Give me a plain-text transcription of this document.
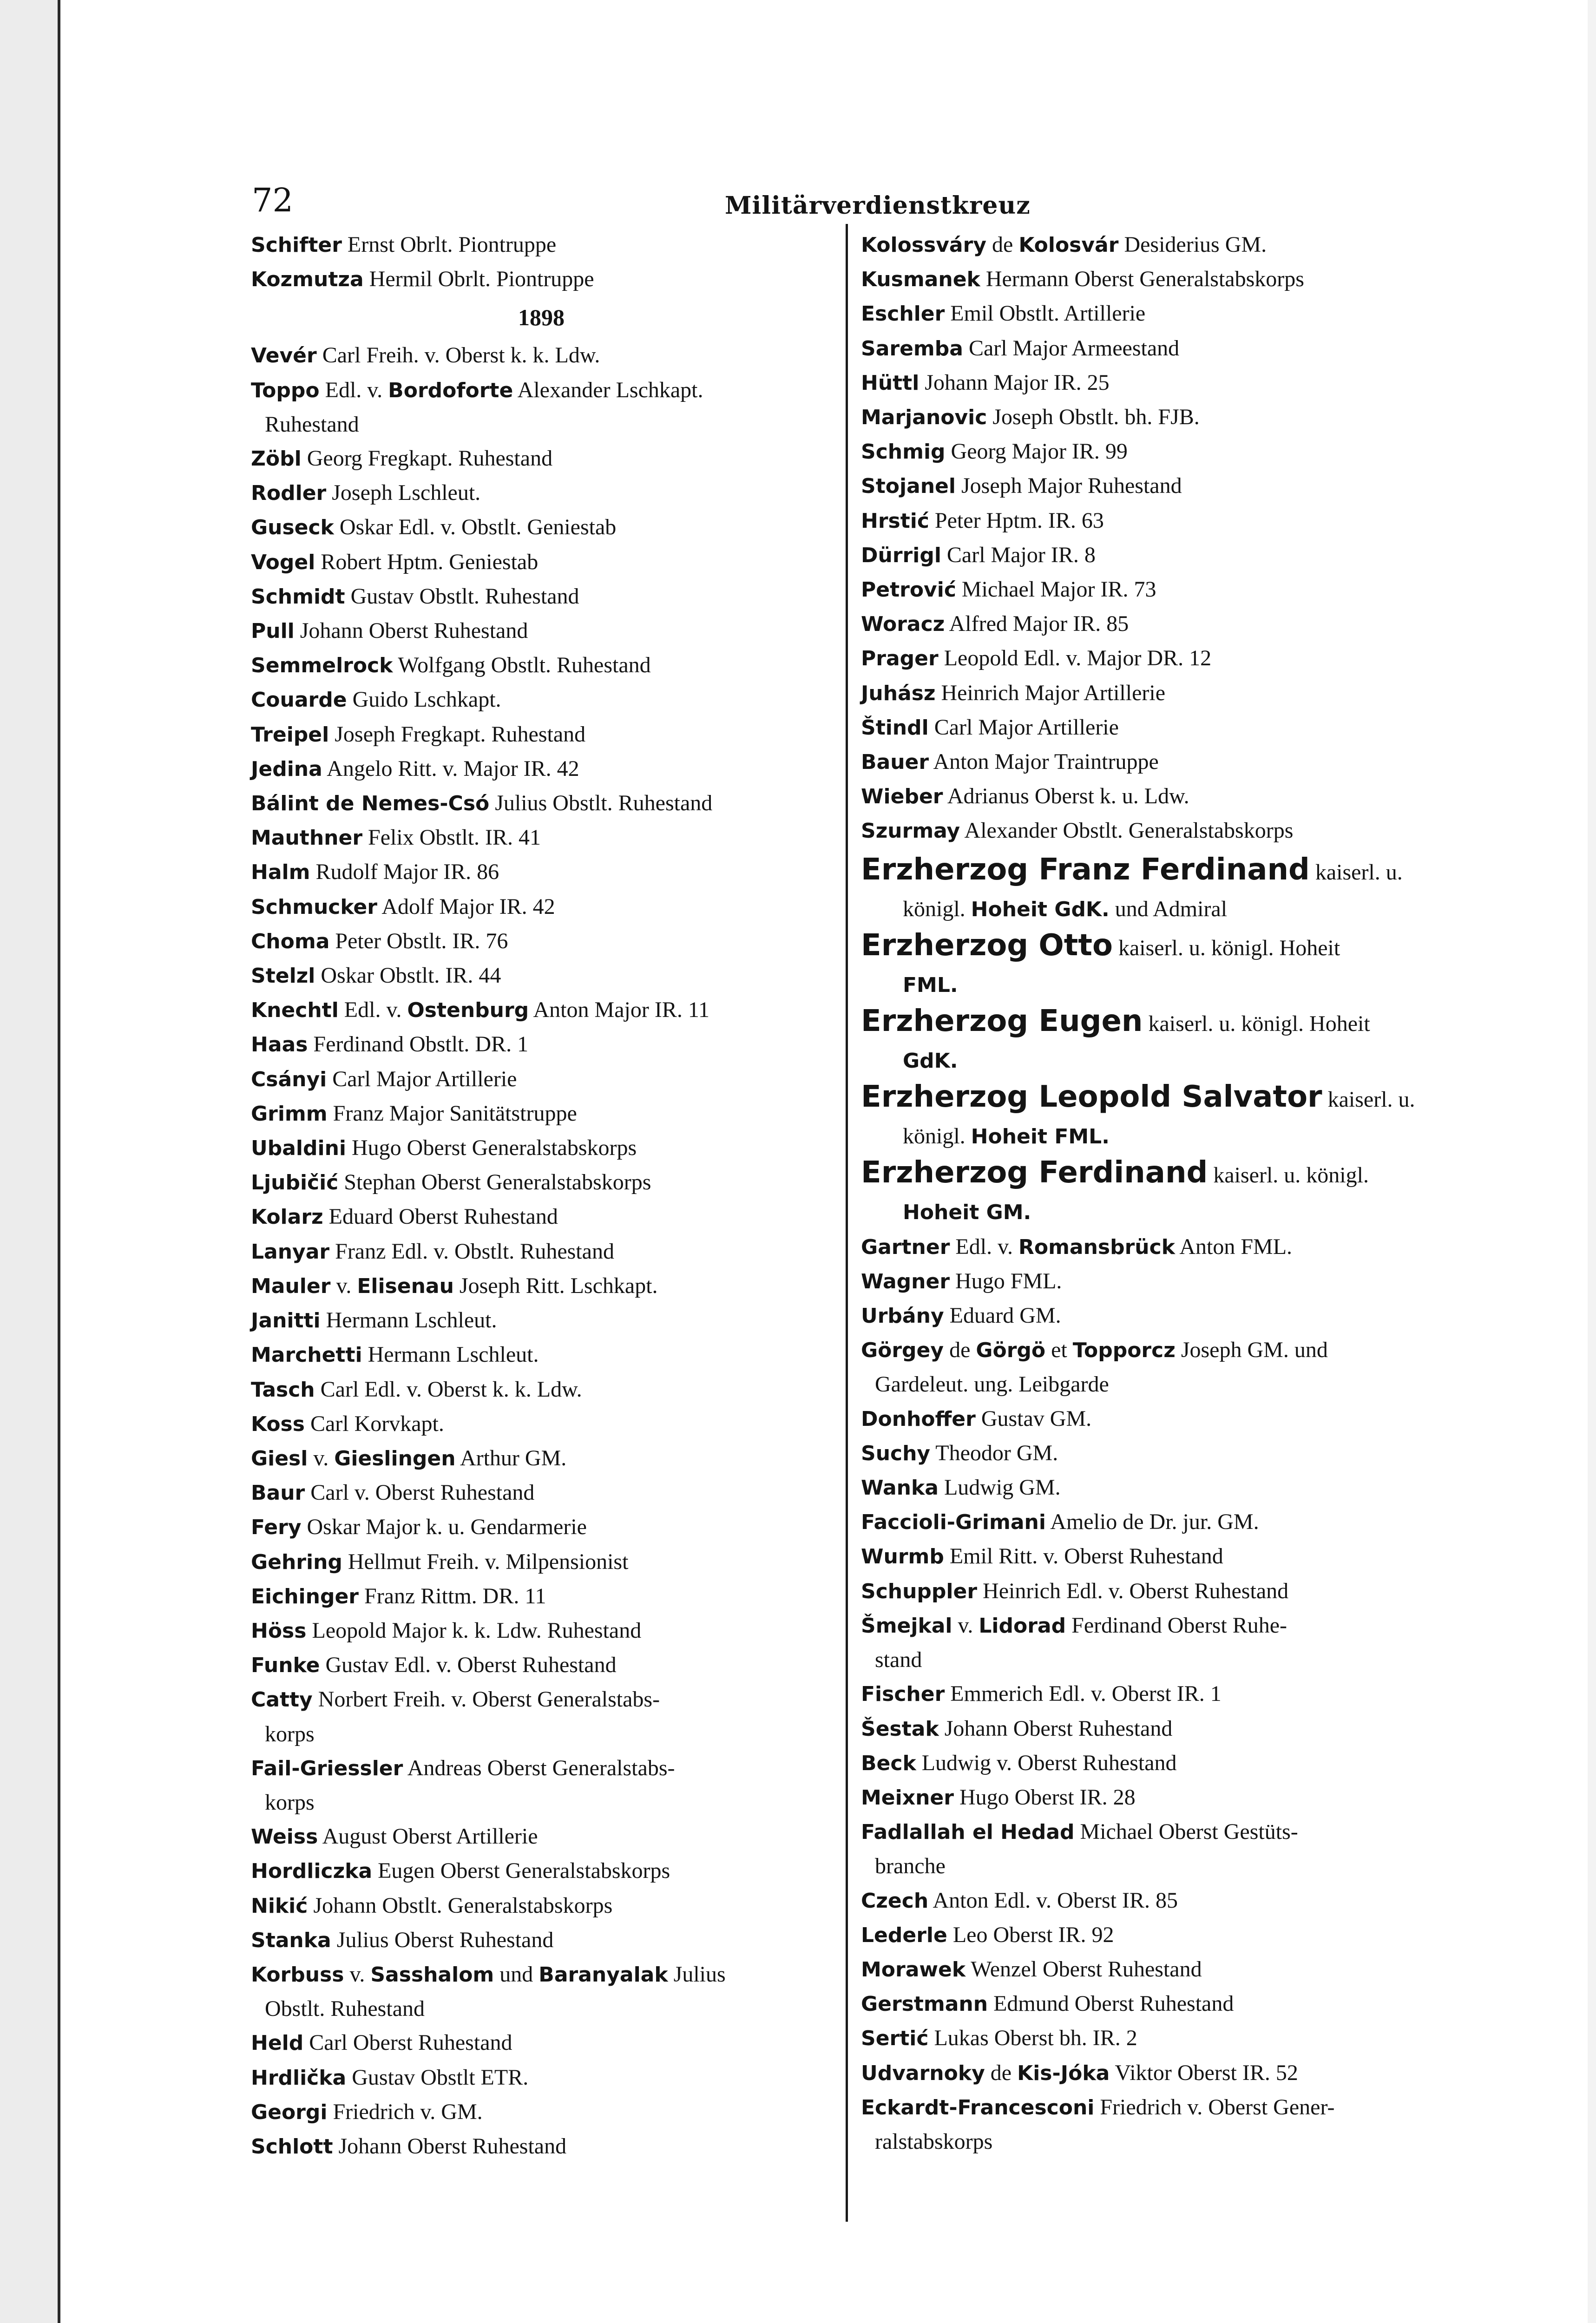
72	Militärverdienstkreuz
Schifter Ernst Obrlt. Piontruppe
Kozmutza Hermil Obrlt. Piontruppe
1898
Vevér Carl Freih. v. Oberst k. k. Ldw.
Toppo Edl. v. Bordoforte Alexander Lschkapt.
Ruhestand
Zöbl Georg Fregkapt. Ruhestand
Rodler Joseph Lschleut.
Guseck Oskar Edl. v. Obstlt. Geniestab
Vogel Robert Hptm. Geniestab
Schmidt Gustav Obstlt. Ruhestand
Pull Johann Oberst Ruhestand
Semmelrock Wolfgang Obstlt. Ruhestand
Couarde Guido Lschkapt.
Treipel Joseph Fregkapt. Ruhestand
Jedina Angelo Ritt. v. Major IR. 42
Bálint de Nemes-Csó Julius Obstlt. Ruhestand
Mauthner Felix Obstlt. IR. 41
Halm Rudolf Major IR. 86
Schmucker Adolf Major IR. 42
Choma Peter Obstlt. IR. 76
Stelzl Oskar Obstlt. IR. 44
Knechtl Edl. v. Ostenburg Anton Major IR. 11
Haas Ferdinand Obstlt. DR. 1
Csányi Carl Major Artillerie
Grimm Franz Major Sanitätstruppe
Ubaldini Hugo Oberst Generalstabskorps
Ljubičić Stephan Oberst Generalstabskorps
Kolarz Eduard Oberst Ruhestand
Lanyar Franz Edl. v. Obstlt. Ruhestand
Mauler v. Elisenau Joseph Ritt. Lschkapt.
Janitti Hermann Lschleut.
Marchetti Hermann Lschleut.
Tasch Carl Edl. v. Oberst k. k. Ldw.
Koss Carl Korvkapt.
Giesl v. Gieslingen Arthur GM.
Baur Carl v. Oberst Ruhestand
Fery Oskar Major k. u. Gendarmerie
Gehring Hellmut Freih. v. Milpensionist
Eichinger Franz Rittm. DR. 11
Höss Leopold Major k. k. Ldw. Ruhestand
Funke Gustav Edl. v. Oberst Ruhestand
Catty Norbert Freih. v. Oberst Generalstabs-
korps
Fail-Griessler Andreas Oberst Generalstabs-
korps
Weiss August Oberst Artillerie
Hordliczka Eugen Oberst Generalstabskorps
Nikić Johann Obstlt. Generalstabskorps
Stanka Julius Oberst Ruhestand
Korbuss v. Sasshalom und Baranyalak Julius
Obstlt. Ruhestand
Held Carl Oberst Ruhestand
Hrdlička Gustav Obstlt ETR.
Georgi Friedrich v. GM.
Schlott Johann Oberst Ruhestand
Kolossváry de Kolosvár Desiderius GM.
Kusmanek Hermann Oberst Generalstabskorps
Eschler Emil Obstlt. Artillerie
Saremba Carl Major Armeestand
Hüttl Johann Major IR. 25
Marjanovic Joseph Obstlt. bh. FJB.
Schmig Georg Major IR. 99
Stojanel Joseph Major Ruhestand
Hrstić Peter Hptm. IR. 63
Dürrigl Carl Major IR. 8
Petrović Michael Major IR. 73
Woracz Alfred Major IR. 85
Prager Leopold Edl. v. Major DR. 12
Juhász Heinrich Major Artillerie
Štindl Carl Major Artillerie
Bauer Anton Major Traintruppe
Wieber Adrianus Oberst k. u. Ldw.
Szurmay Alexander Obstlt. Generalstabskorps
Erzherzog Franz Ferdinand kaiserl. u.
königl. Hoheit GdK. und Admiral
Erzherzog Otto kaiserl. u. königl. Hoheit
FML.
Erzherzog Eugen kaiserl. u. königl. Hoheit
GdK.
Erzherzog Leopold Salvator kaiserl. u.
königl. Hoheit FML.
Erzherzog Ferdinand kaiserl. u. königl.
Hoheit GM.
Gartner Edl. v. Romansbrück Anton FML.
Wagner Hugo FML.
Urbány Eduard GM.
Görgey de Görgö et Topporcz Joseph GM. und
Gardeleut. ung. Leibgarde
Donhoffer Gustav GM.
Suchy Theodor GM.
Wanka Ludwig GM.
Faccioli-Grimani Amelio de Dr. jur. GM.
Wurmb Emil Ritt. v. Oberst Ruhestand
Schuppler Heinrich Edl. v. Oberst Ruhestand
Šmejkal v. Lidorad Ferdinand Oberst Ruhe-
stand
Fischer Emmerich Edl. v. Oberst IR. 1
Šestak Johann Oberst Ruhestand
Beck Ludwig v. Oberst Ruhestand
Meixner Hugo Oberst IR. 28
Fadlallah el Hedad Michael Oberst Gestüts-
branche
Czech Anton Edl. v. Oberst IR. 85
Lederle Leo Oberst IR. 92
Morawek Wenzel Oberst Ruhestand
Gerstmann Edmund Oberst Ruhestand
Sertić Lukas Oberst bh. IR. 2
Udvarnoky de Kis-Jóka Viktor Oberst IR. 52
Eckardt-Francesconi Friedrich v. Oberst Gener-
ralstabskorps
